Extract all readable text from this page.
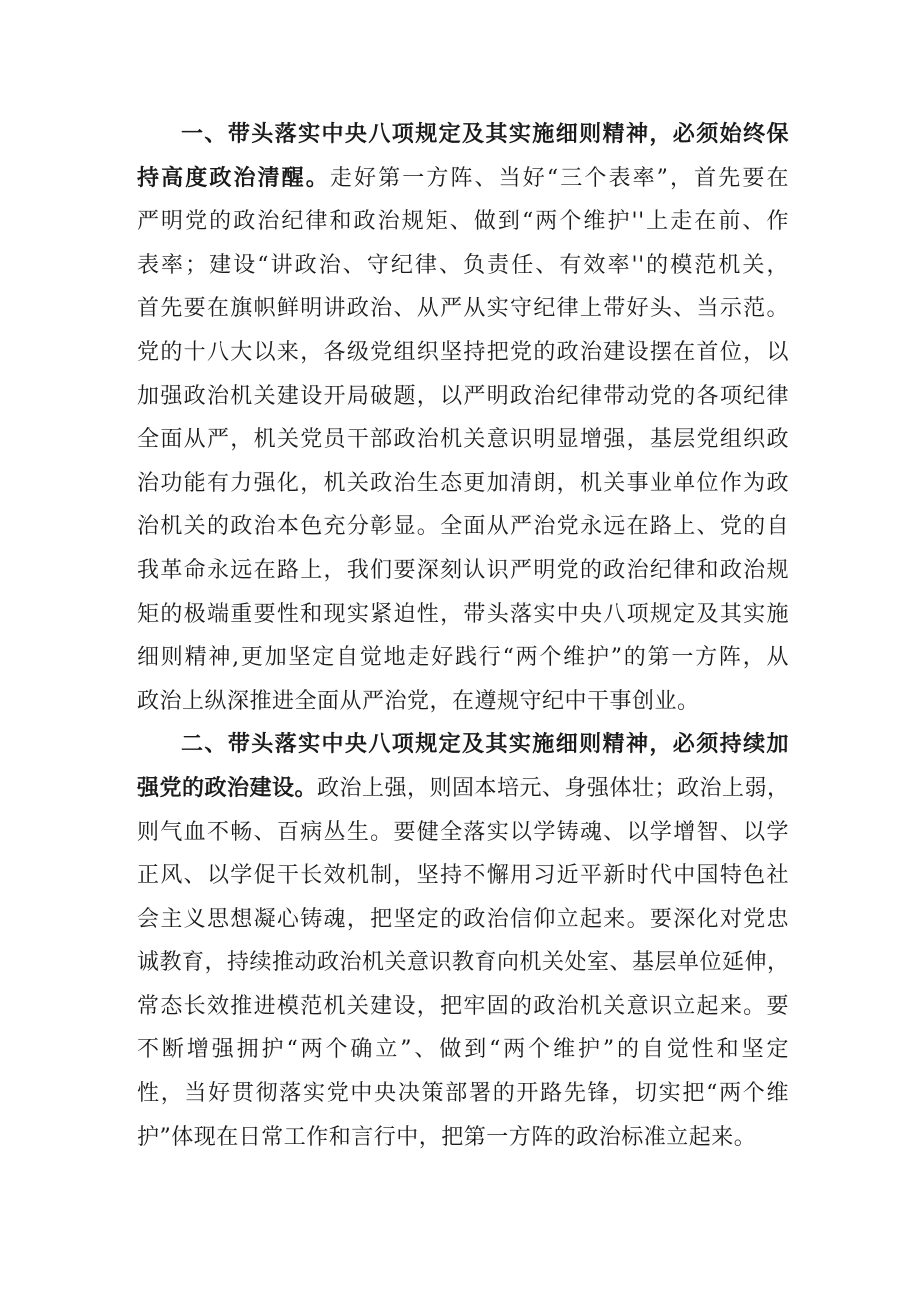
一、带头落实中央八项规定及其实施细则精神，必须始终保
持高度政治清醒。走好第一方阵、当好“三个表率”，首先要在
严明党的政治纪律和政治规矩、做到“两个维护''上走在前、作
表率；建设“讲政治、守纪律、负责任、有效率''的模范机关，
首先要在旗帜鲜明讲政治、从严从实守纪律上带好头、当示范。
党的十八大以来，各级党组织坚持把党的政治建设摆在首位，以
加强政治机关建设开局破题，以严明政治纪律带动党的各项纪律
全面从严，机关党员干部政治机关意识明显增强，基层党组织政
治功能有力强化，机关政治生态更加清朗，机关事业单位作为政
治机关的政治本色充分彰显。全面从严治党永远在路上、党的自
我革命永远在路上，我们要深刻认识严明党的政治纪律和政治规
矩的极端重要性和现实紧迫性，带头落实中央八项规定及其实施
细则精神,更加坚定自觉地走好践行“两个维护”的第一方阵，从
政治上纵深推进全面从严治党，在遵规守纪中干事创业。
二、带头落实中央八项规定及其实施细则精神，必须持续加
强党的政治建设。政治上强，则固本培元、身强体壮；政治上弱，
则气血不畅、百病丛生。要健全落实以学铸魂、以学增智、以学
正风、以学促干长效机制，坚持不懈用习近平新时代中国特色社
会主义思想凝心铸魂，把坚定的政治信仰立起来。要深化对党忠
诚教育，持续推动政治机关意识教育向机关处室、基层单位延伸，
常态长效推进模范机关建设，把牢固的政治机关意识立起来。要
不断增强拥护“两个确立”、做到“两个维护”的自觉性和坚定
性，当好贯彻落实党中央决策部署的开路先锋，切实把“两个维
护”体现在日常工作和言行中，把第一方阵的政治标准立起来。
